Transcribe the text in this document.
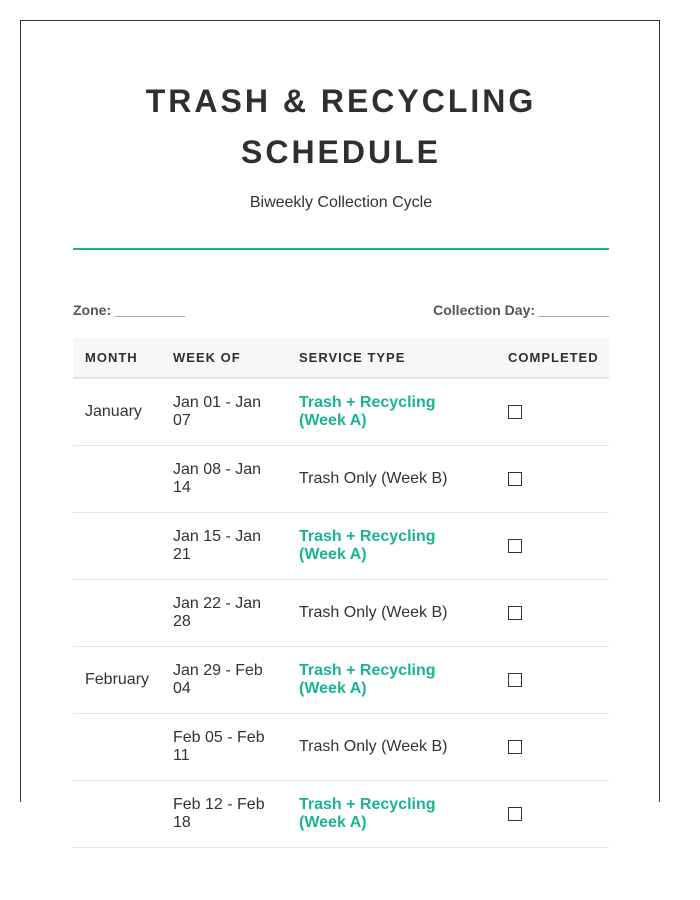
TRASH & RECYCLING SCHEDULE
Biweekly Collection Cycle
Zone: _________	Collection Day: _________
MONTH	WEEK OF	SERVICE TYPE	COMPLETED
January	Jan 01 - Jan 07	Trash + Recycling (Week A)	
	Jan 08 - Jan 14	Trash Only (Week B)	
	Jan 15 - Jan 21	Trash + Recycling (Week A)	
	Jan 22 - Jan 28	Trash Only (Week B)	
February	Jan 29 - Feb 04	Trash + Recycling (Week A)	
	Feb 05 - Feb 11	Trash Only (Week B)	
	Feb 12 - Feb 18	Trash + Recycling (Week A)	
